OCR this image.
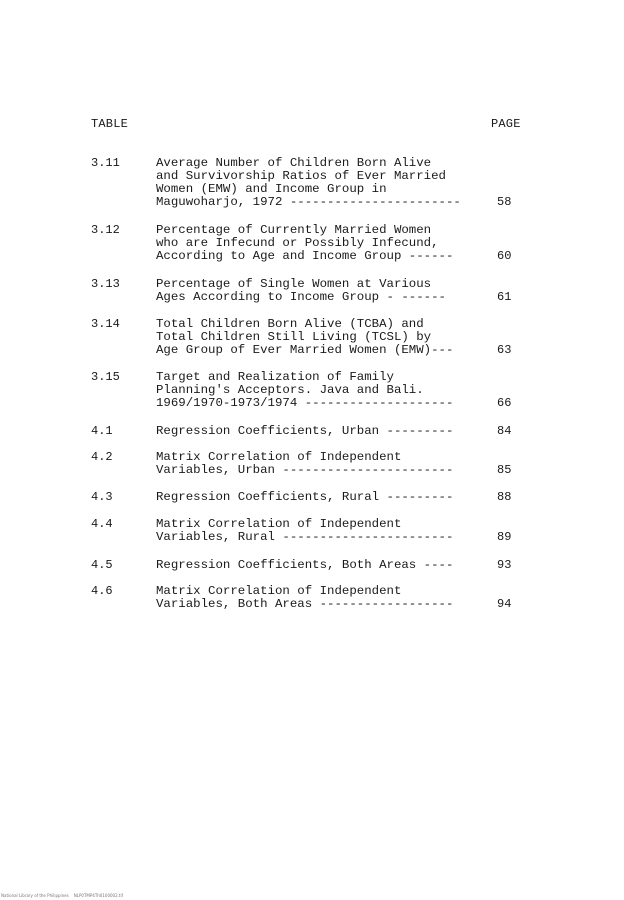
TABLE	PAGE
3.11	Average Number of Children Born Alive
and Survivorship Ratios of Ever Married
Women (EMW) and Income Group in
Maguwoharjo, 1972 -----------------------	58
3.12	Percentage of Currently Married Women
who are Infecund or Possibly Infecund,
According to Age and Income Group ------	60
3.13	Percentage of Single Women at Various
Ages According to Income Group - ------	61
3.14	Total Children Born Alive (TCBA) and
Total Children Still Living (TCSL) by
Age Group of Ever Married Women (EMW)---	63
3.15	Target and Realization of Family
Planning's Acceptors. Java and Bali.
1969/1970-1973/1974 --------------------	66
4.1	Regression Coefficients, Urban ---------	84
4.2	Matrix Correlation of Independent
Variables, Urban -----------------------	85
4.3	Regression Coefficients, Rural ---------	88
4.4	Matrix Correlation of Independent
Variables, Rural -----------------------	89
4.5	Regression Coefficients, Both Areas ----	93
4.6	Matrix Correlation of Independent
Variables, Both Areas ------------------	94
National Library of the Philippines    NLP0TMP4Th0100002.tif
